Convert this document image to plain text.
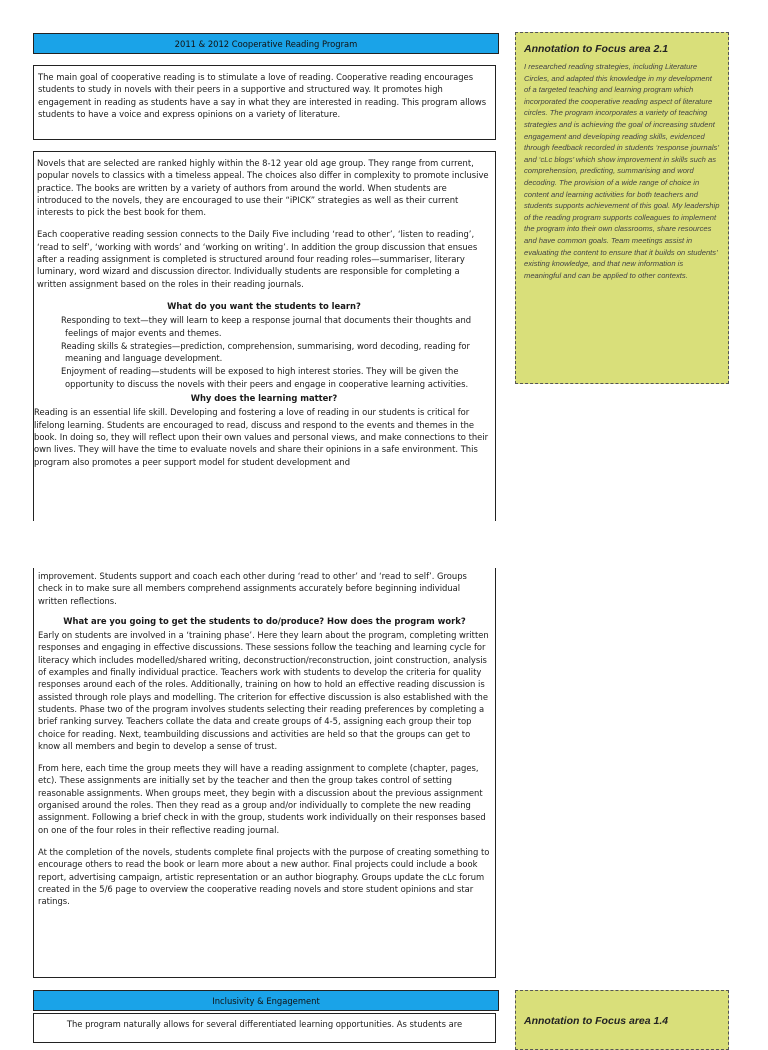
2011 & 2012 Cooperative Reading Program

The main goal of cooperative reading is to stimulate a love of reading. Cooperative reading encourages students to study in novels with their peers in a supportive and structured way. It promotes high engagement in reading as students have a say in what they are interested in reading. This program allows students to have a voice and express opinions on a variety of literature.

Novels that are selected are ranked highly within the 8-12 year old age group. They range from current, popular novels to classics with a timeless appeal. The choices also differ in complexity to promote inclusive practice. The books are written by a variety of authors from around the world. When students are introduced to the novels, they are encouraged to use their “iPICK” strategies as well as their current interests to pick the best book for them.

Each cooperative reading session connects to the Daily Five including ‘read to other’, ‘listen to reading’, ‘read to self’, ‘working with words’ and ‘working on writing’. In addition the group discussion that ensues after a reading assignment is completed is structured around four reading roles—summariser, literary luminary, word wizard and discussion director. Individually students are responsible for completing a written assignment based on the roles in their reading journals.

What do you want the students to learn?
Responding to text—they will learn to keep a response journal that documents their thoughts and feelings of major events and themes.
Reading skills & strategies—prediction, comprehension, summarising, word decoding, reading for meaning and language development.
Enjoyment of reading—students will be exposed to high interest stories. They will be given the opportunity to discuss the novels with their peers and engage in cooperative learning activities.
Why does the learning matter?

Reading is an essential life skill. Developing and fostering a love of reading in our students is critical for lifelong learning. Students are encouraged to read, discuss and respond to the events and themes in the book. In doing so, they will reflect upon their own values and personal views, and make connections to their own lives. They will have the time to evaluate novels and share their opinions in a safe environment. This program also promotes a peer support model for student development and

improvement. Students support and coach each other during ‘read to other’ and ‘read to self’. Groups check in to make sure all members comprehend assignments accurately before beginning individual written reflections.

What are you going to get the students to do/produce? How does the program work?

Early on students are involved in a ‘training phase’. Here they learn about the program, completing written responses and engaging in effective discussions. These sessions follow the teaching and learning cycle for literacy which includes modelled/shared writing, deconstruction/reconstruction, joint construction, analysis of examples and finally individual practice. Teachers work with students to develop the criteria for quality responses around each of the roles. Additionally, training on how to hold an effective reading discussion is assisted through role plays and modelling. The criterion for effective discussion is also established with the students. Phase two of the program involves students selecting their reading preferences by completing a brief ranking survey. Teachers collate the data and create groups of 4-5, assigning each group their top choice for reading. Next, teambuilding discussions and activities are held so that the groups can get to know all members and begin to develop a sense of trust.

From here, each time the group meets they will have a reading assignment to complete (chapter, pages, etc). These assignments are initially set by the teacher and then the group takes control of setting reasonable assignments. When groups meet, they begin with a discussion about the previous assignment organised around the roles. Then they read as a group and/or individually to complete the new reading assignment. Following a brief check in with the group, students work individually on their responses based on one of the four roles in their reflective reading journal.

At the completion of the novels, students complete final projects with the purpose of creating something to encourage others to read the book or learn more about a new author. Final projects could include a book report, advertising campaign, artistic representation or an author biography. Groups update the cLc forum created in the 5/6 page to overview the cooperative reading novels and store student opinions and star ratings.

Inclusivity & Engagement
The program naturally allows for several differentiated learning opportunities. As students are
Annotation to Focus area 2.1
I researched reading strategies, including Literature Circles, and adapted this knowledge in my development of a targeted teaching and learning program which incorporated the cooperative reading aspect of literature circles. The program incorporates a variety of teaching strategies and is achieving the goal of increasing student engagement and developing reading skills, evidenced through feedback recorded in students ‘response journals’ and ‘cLc blogs’ which show improvement in skills such as comprehension, predicting, summarising and word decoding. The provision of a wide range of choice in content and learning activities for both teachers and students supports achievement of this goal. My leadership of the reading program supports colleagues to implement the program into their own classrooms, share resources and have common goals. Team meetings assist in evaluating the content to ensure that it builds on students’ existing knowledge, and that new information is meaningful and can be applied to other contexts.
Annotation to Focus area 1.4
